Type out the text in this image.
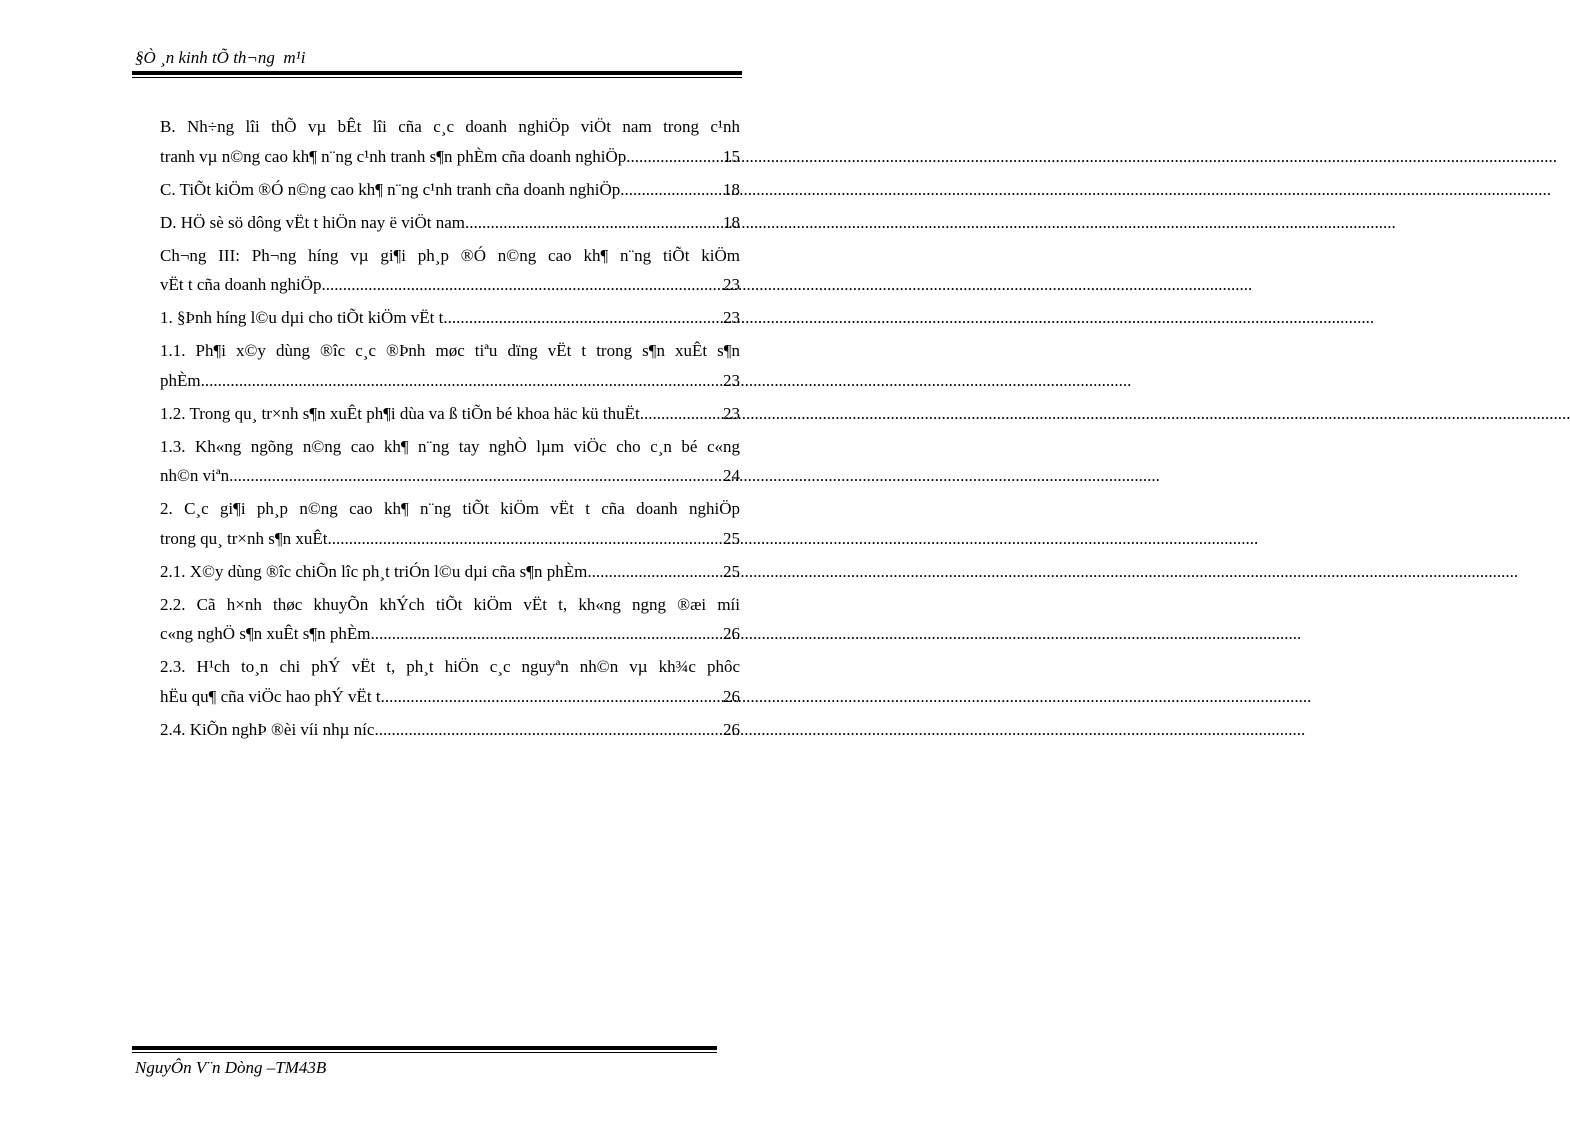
§Ò ¸n kinh tÕ th¬ng  m¹i
B. Nh÷ng lîi thÕ vµ bÊt lîi cña c¸c doanh nghiÖp viÖt nam trong c¹nh
tranh vµ n©ng cao kh¶ n¨ng c¹nh tranh s¶n phÈm cña doanh nghiÖp .....	15
C. TiÕt kiÖm ®Ó n©ng cao kh¶ n¨ng c¹nh tranh cña doanh nghiÖp .....	18
D. HÖ sè sö dông vËt t hiÖn nay ë viÖt nam .....	18
Ch¬ng III: Ph¬ng híng vµ gi¶i ph¸p ®Ó n©ng cao kh¶ n¨ng tiÕt kiÖm
vËt t cña doanh nghiÖp .....	23
1. §Þnh híng l©u dµi cho tiÕt kiÖm vËt t .....	23
1.1. Ph¶i x©y dùng ®îc c¸c ®Þnh møc tiªu dïng vËt t trong s¶n xuÊt s¶n
phÈm .....	23
1.2. Trong qu¸ tr×nh s¶n xuÊt ph¶i dùa va ß tiÕn bé khoa häc kü thuËt .....	23
1.3. Kh«ng ngõng n©ng cao kh¶ n¨ng tay nghÒ lµm viÖc cho c¸n bé c«ng
nh©n viªn .....	24
2. C¸c gi¶i ph¸p n©ng cao kh¶ n¨ng tiÕt kiÖm vËt t cña doanh nghiÖp
trong qu¸ tr×nh s¶n xuÊt .....	25
2.1. X©y dùng ®îc chiÕn lîc ph¸t triÓn l©u dµi cña s¶n phÈm .....	25
2.2. Cã h×nh thøc khuyÕn khÝch tiÕt kiÖm vËt t, kh«ng ngng ®æi míi
c«ng nghÖ s¶n xuÊt s¶n phÈm .....	26
2.3. H¹ch to¸n chi phÝ vËt t, ph¸t hiÖn c¸c nguyªn nh©n vµ kh¾c phôc
hËu qu¶ cña viÖc hao phÝ vËt t .....	26
2.4. KiÕn nghÞ ®èi víi nhµ níc .....	26
NguyÔn V¨n Dòng –TM43B
